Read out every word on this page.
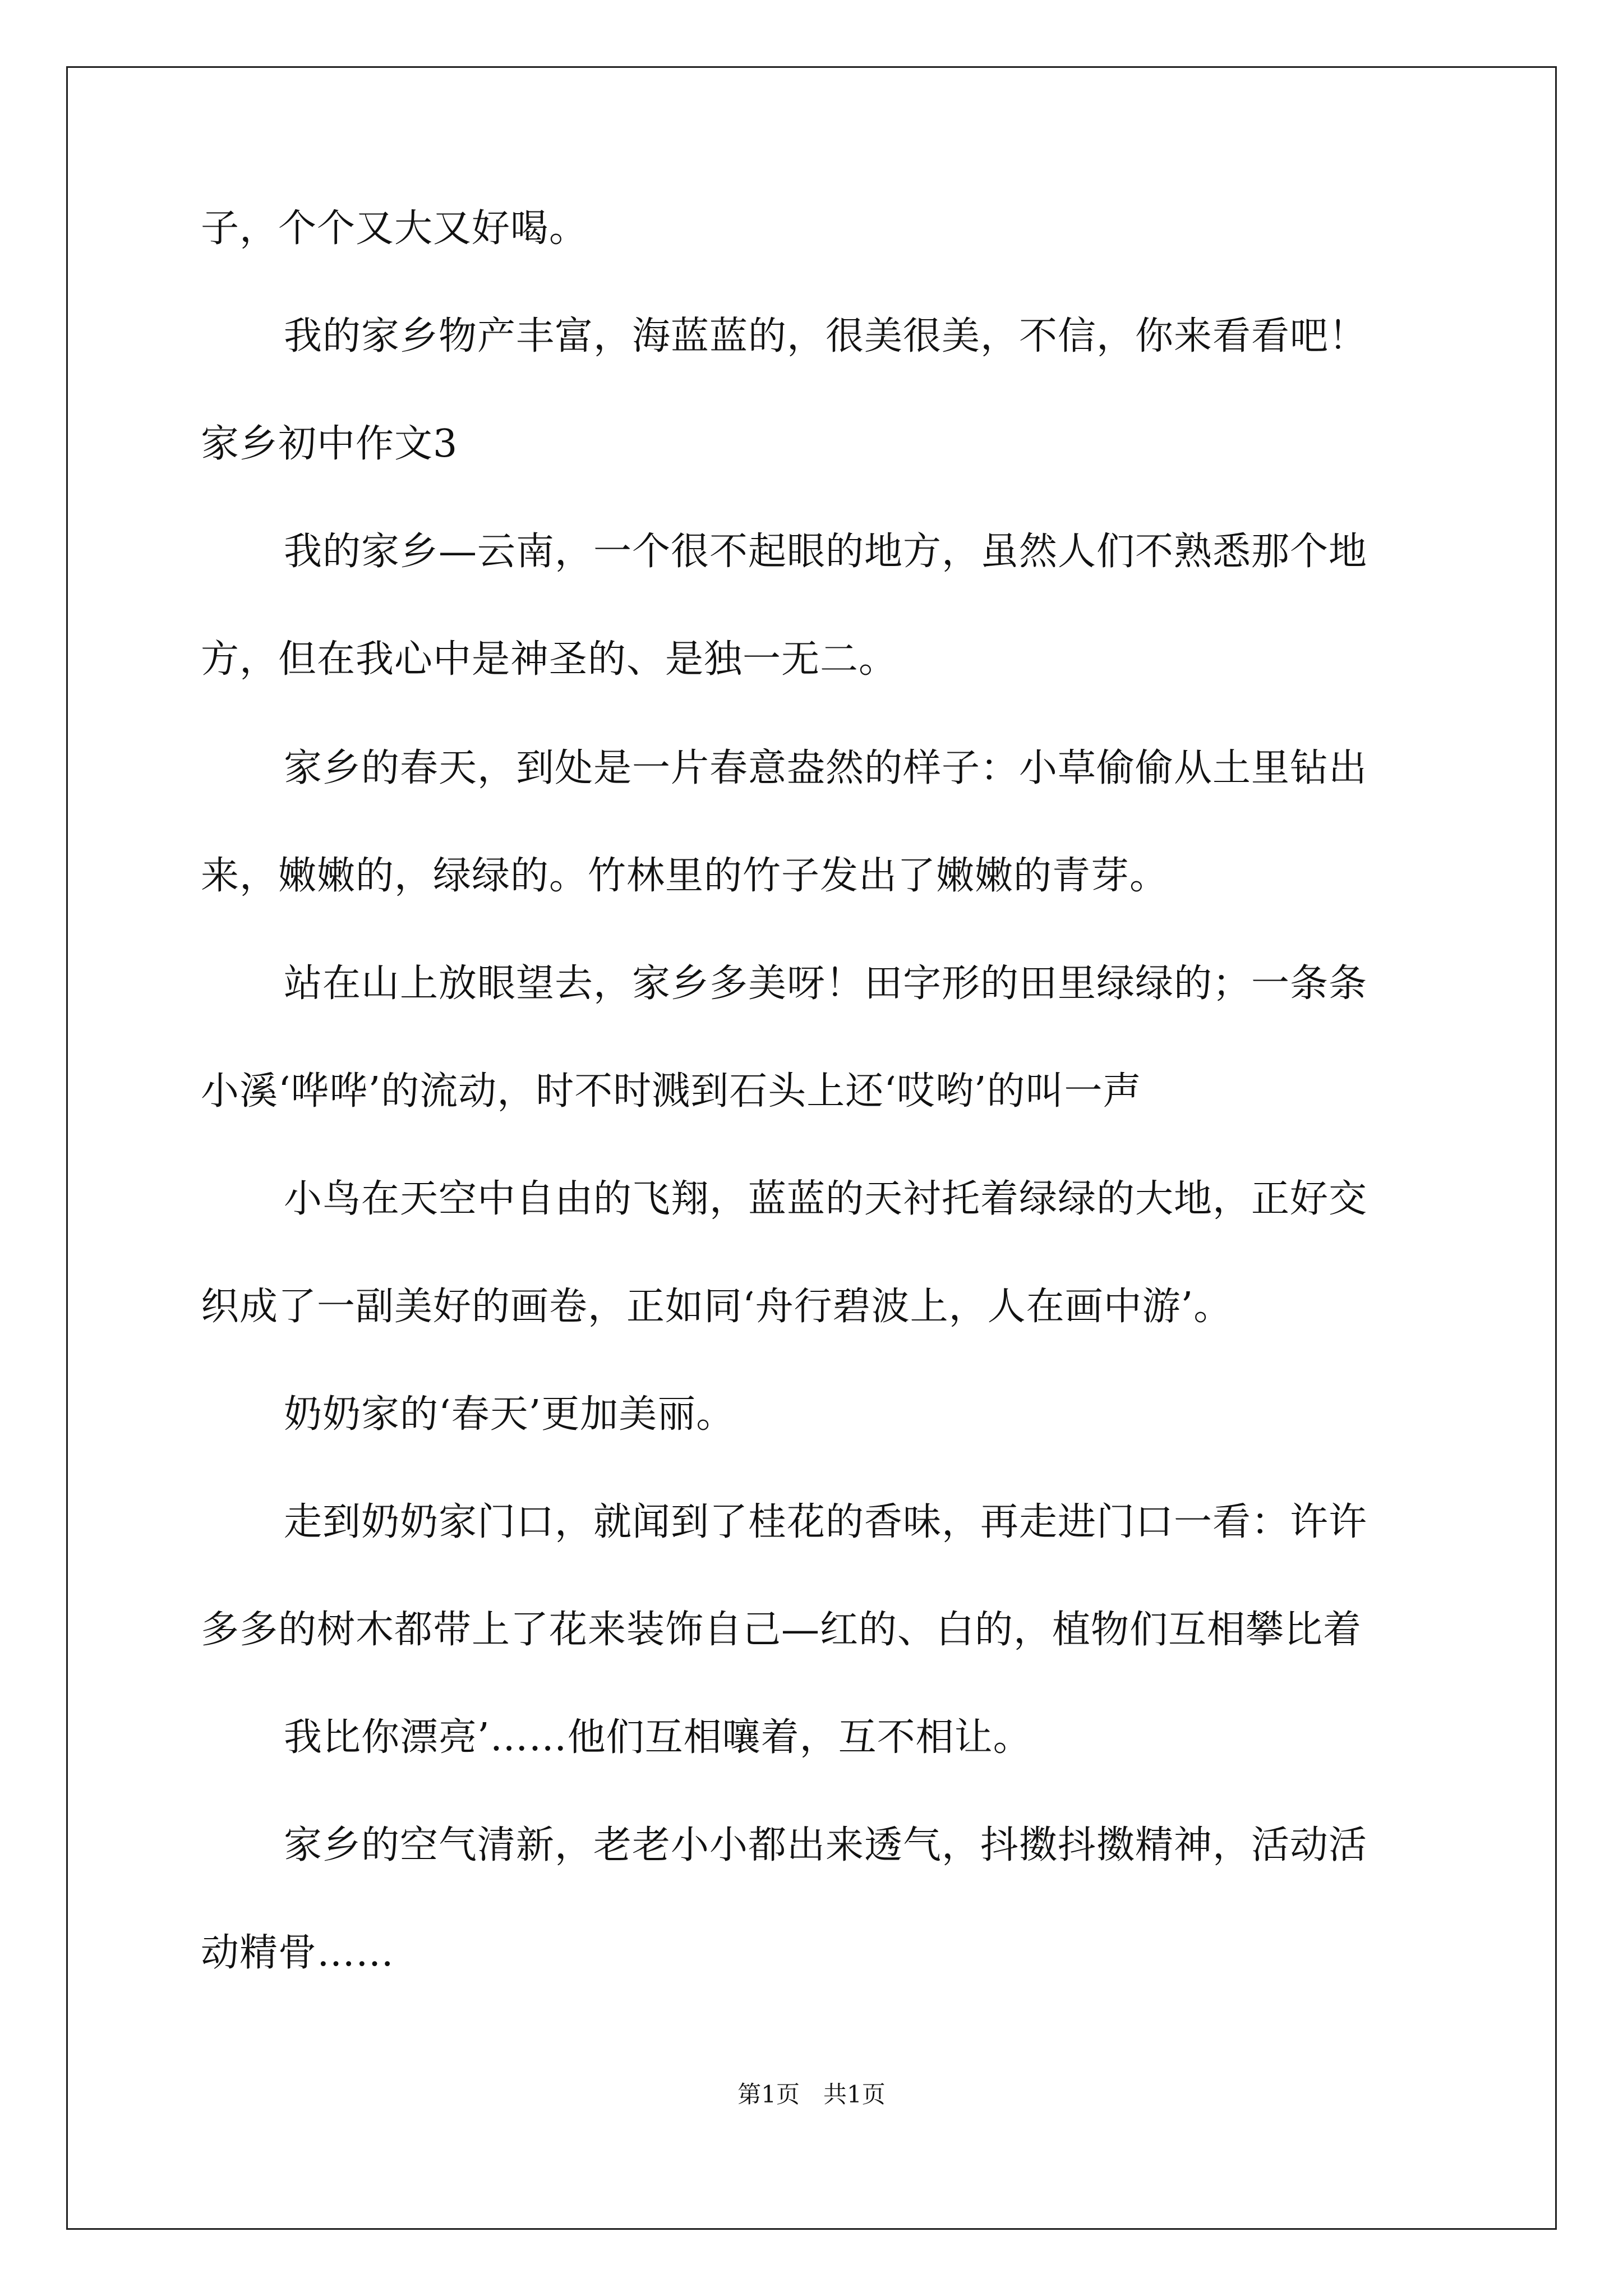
子，个个又大又好喝。
我的家乡物产丰富，海蓝蓝的，很美很美，不信，你来看看吧！
家乡初中作文3
我的家乡—云南，一个很不起眼的地方，虽然人们不熟悉那个地
方，但在我心中是神圣的、是独一无二。
家乡的春天，到处是一片春意盎然的样子：小草偷偷从土里钻出
来，嫩嫩的，绿绿的。竹林里的竹子发出了嫩嫩的青芽。
站在山上放眼望去，家乡多美呀！田字形的田里绿绿的；一条条
小溪‘哗哗’的流动，时不时溅到石头上还‘哎哟’的叫一声
小鸟在天空中自由的飞翔，蓝蓝的天衬托着绿绿的大地，正好交
织成了一副美好的画卷，正如同‘舟行碧波上，人在画中游’。
奶奶家的‘春天’更加美丽。
走到奶奶家门口，就闻到了桂花的香味，再走进门口一看：许许
多多的树木都带上了花来装饰自己—红的、白的，植物们互相攀比着
我比你漂亮’……他们互相嚷着，互不相让。
家乡的空气清新，老老小小都出来透气，抖擞抖擞精神，活动活
动精骨……
第1页　共1页
